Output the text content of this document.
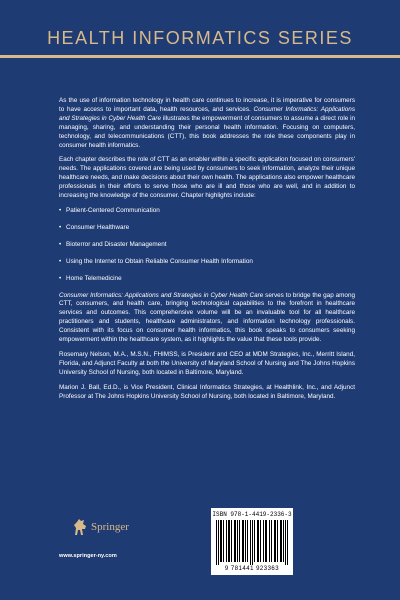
HEALTH INFORMATICS SERIES

As the use of information technology in health care continues to increase, it is imperative for consumers to have access to important data, health resources, and services. Consumer Informatics: Applications and Strategies in Cyber Health Care illustrates the empowerment of consumers to assume a direct role in managing, sharing, and understanding their personal health information. Focusing on computers, technology, and telecommunications (CTT), this book addresses the role these components play in consumer health informatics.

Each chapter describes the role of CTT as an enabler within a specific application focused on consumers' needs. The applications covered are being used by consumers to seek information, analyze their unique healthcare needs, and make decisions about their own health. The applications also empower healthcare professionals in their efforts to serve those who are ill and those who are well, and in addition to increasing the knowledge of the consumer. Chapter highlights include:

• Patient-Centered Communication
• Consumer Healthware
• Bioterror and Disaster Management
• Using the Internet to Obtain Reliable Consumer Health Information
• Home Telemedicine

Consumer Informatics: Applications and Strategies in Cyber Health Care serves to bridge the gap among CTT, consumers, and health care, bringing technological capabilities to the forefront in healthcare services and outcomes. This comprehensive volume will be an invaluable tool for all healthcare practitioners and students, healthcare administrators, and information technology professionals. Consistent with its focus on consumer health informatics, this book speaks to consumers seeking empowerment within the healthcare system, as it highlights the value that these tools provide.

Rosemary Nelson, M.A., M.S.N., FHIMSS, is President and CEO at MDM Strategies, Inc., Merritt Island, Florida, and Adjunct Faculty at both the University of Maryland School of Nursing and The Johns Hopkins University School of Nursing, both located in Baltimore, Maryland.

Marion J. Ball, Ed.D., is Vice President, Clinical Informatics Strategies, at Healthlink, Inc., and Adjunct Professor at The Johns Hopkins University School of Nursing, both located in Baltimore, Maryland.

Springer
www.springer-ny.com
ISBN 978-1-4419-2336-3
9 781441 923363
